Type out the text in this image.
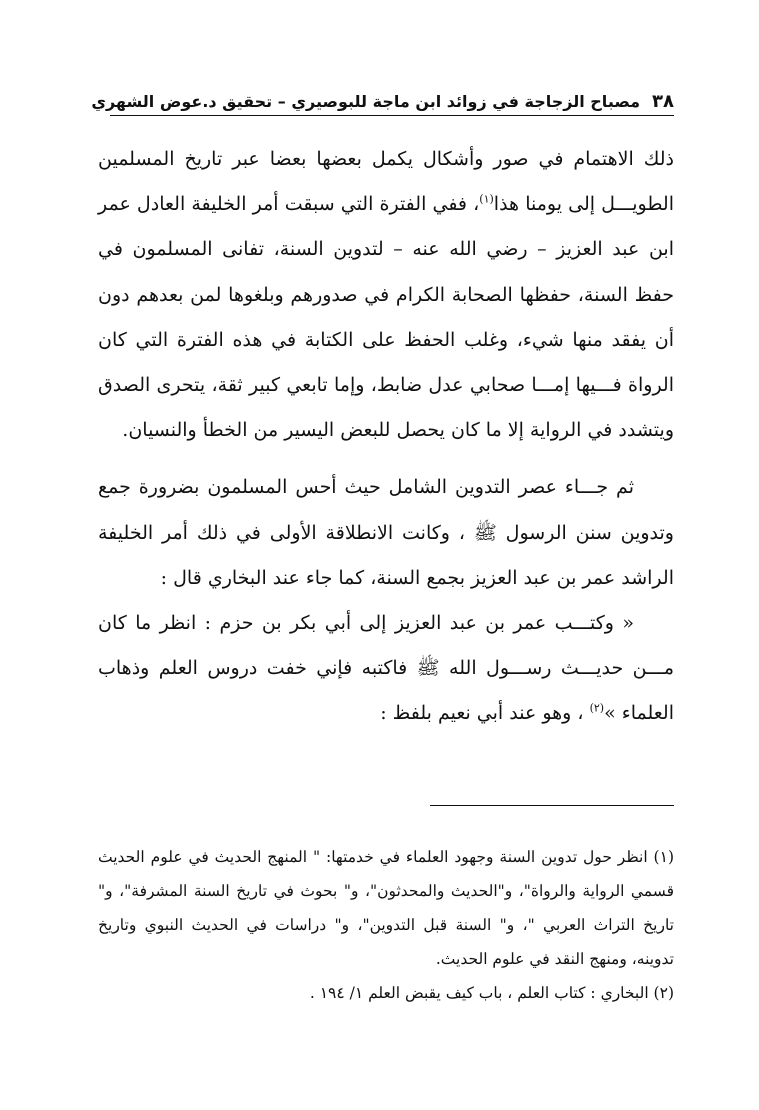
٣٨
مصباح الزجاجة في زوائد ابن ماجة للبوصيري – تحقيق د.عوض الشهري

ذلك الاهتمام في صور وأشكال يكمل بعضها بعضا عبر تاريخ المسلمين الطويـــل إلى يومنا هذا$^{(١)}$، ففي الفترة التي سبقت أمر الخليفة العادل عمر ابن عبد العزيز – رضي الله عنه – لتدوين السنة، تفانى المسلمون في حفظ السنة، حفظها الصحابة الكرام في صدورهم وبلغوها لمن بعدهم دون أن يفقد منها شيء، وغلب الحفظ على الكتابة في هذه الفترة التي كان الرواة فـــيها إمـــا صحابي عدل ضابط، وإما تابعي كبير ثقة، يتحرى الصدق ويتشدد في الرواية إلا ما كان يحصل للبعض اليسير من الخطأ والنسيان.

ثم جـــاء عصر التدوين الشامل حيث أحس المسلمون بضرورة جمع وتدوين سنن الرسول ﷺ ، وكانت الانطلاقة الأولى في ذلك أمر الخليفة الراشد عمر بن عبد العزيز بجمع السنة، كما جاء عند البخاري قال :

« وكتـــب عمر بن عبد العزيز إلى أبي بكر بن حزم : انظر ما كان مـــن حديـــث رســـول الله ﷺ فاكتبه فإني خفت دروس العلم وذهاب العلماء »$^{(٢)}$ ، وهو عند أبي نعيم بلفظ :

(١) انظر حول تدوين السنة وجهود العلماء في خدمتها: " المنهج الحديث في علوم الحديث قسمي الرواية والرواة"، و"الحديث والمحدثون"، و" بحوث في تاريخ السنة المشرفة"، و" تاريخ التراث العربي "، و" السنة قبل التدوين"، و" دراسات في الحديث النبوي وتاريخ تدوينه، ومنهج النقد في علوم الحديث.

(٢) البخاري : كتاب العلم ، باب كيف يقبض العلم ١/ ١٩٤ .
